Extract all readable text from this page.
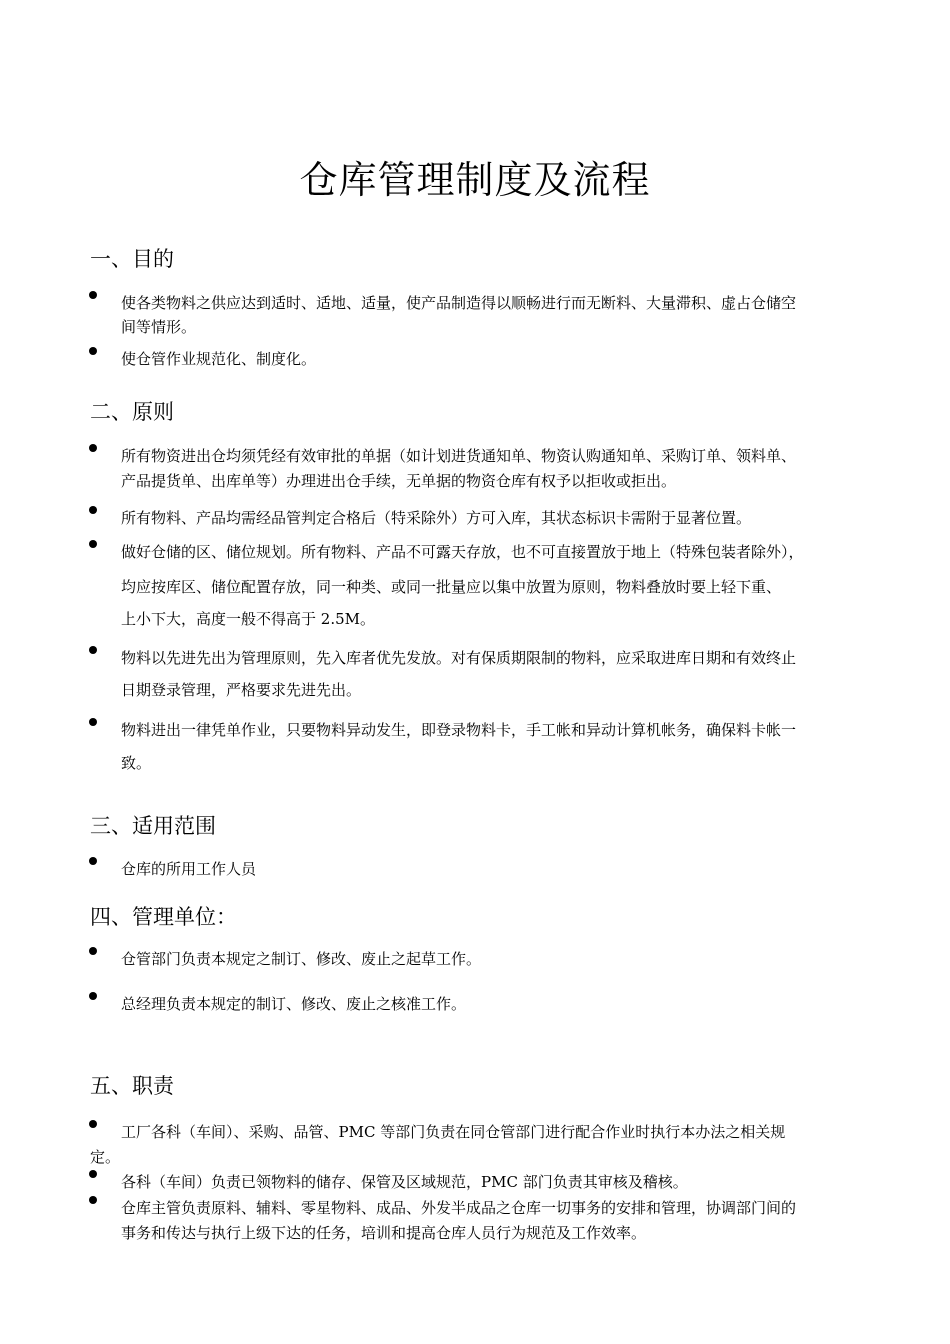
仓库管理制度及流程
一、目的
使各类物料之供应达到适时、适地、适量，使产品制造得以顺畅进行而无断料、大量滞积、虚占仓储空
间等情形。
使仓管作业规范化、制度化。
二、原则
所有物资进出仓均须凭经有效审批的单据（如计划进货通知单、物资认购通知单、采购订单、领料单、
产品提货单、出库单等）办理进出仓手续，无单据的物资仓库有权予以拒收或拒出。
所有物料、产品均需经品管判定合格后（特采除外）方可入库，其状态标识卡需附于显著位置。
做好仓储的区、储位规划。所有物料、产品不可露天存放，也不可直接置放于地上（特殊包装者除外），
均应按库区、储位配置存放，同一种类、或同一批量应以集中放置为原则，物料叠放时要上轻下重、
上小下大，高度一般不得高于 2.5M。
物料以先进先出为管理原则，先入库者优先发放。对有保质期限制的物料，应采取进库日期和有效终止
日期登录管理，严格要求先进先出。
物料进出一律凭单作业，只要物料异动发生，即登录物料卡，手工帐和异动计算机帐务，确保料卡帐一
致。
三、适用范围
仓库的所用工作人员
四、管理单位：
仓管部门负责本规定之制订、修改、废止之起草工作。
总经理负责本规定的制订、修改、废止之核准工作。
五、职责
工厂各科（车间）、采购、品管、PMC 等部门负责在同仓管部门进行配合作业时执行本办法之相关规
定。
各科（车间）负责已领物料的储存、保管及区域规范，PMC 部门负责其审核及稽核。
仓库主管负责原料、辅料、零星物料、成品、外发半成品之仓库一切事务的安排和管理，协调部门间的
事务和传达与执行上级下达的任务，培训和提高仓库人员行为规范及工作效率。
